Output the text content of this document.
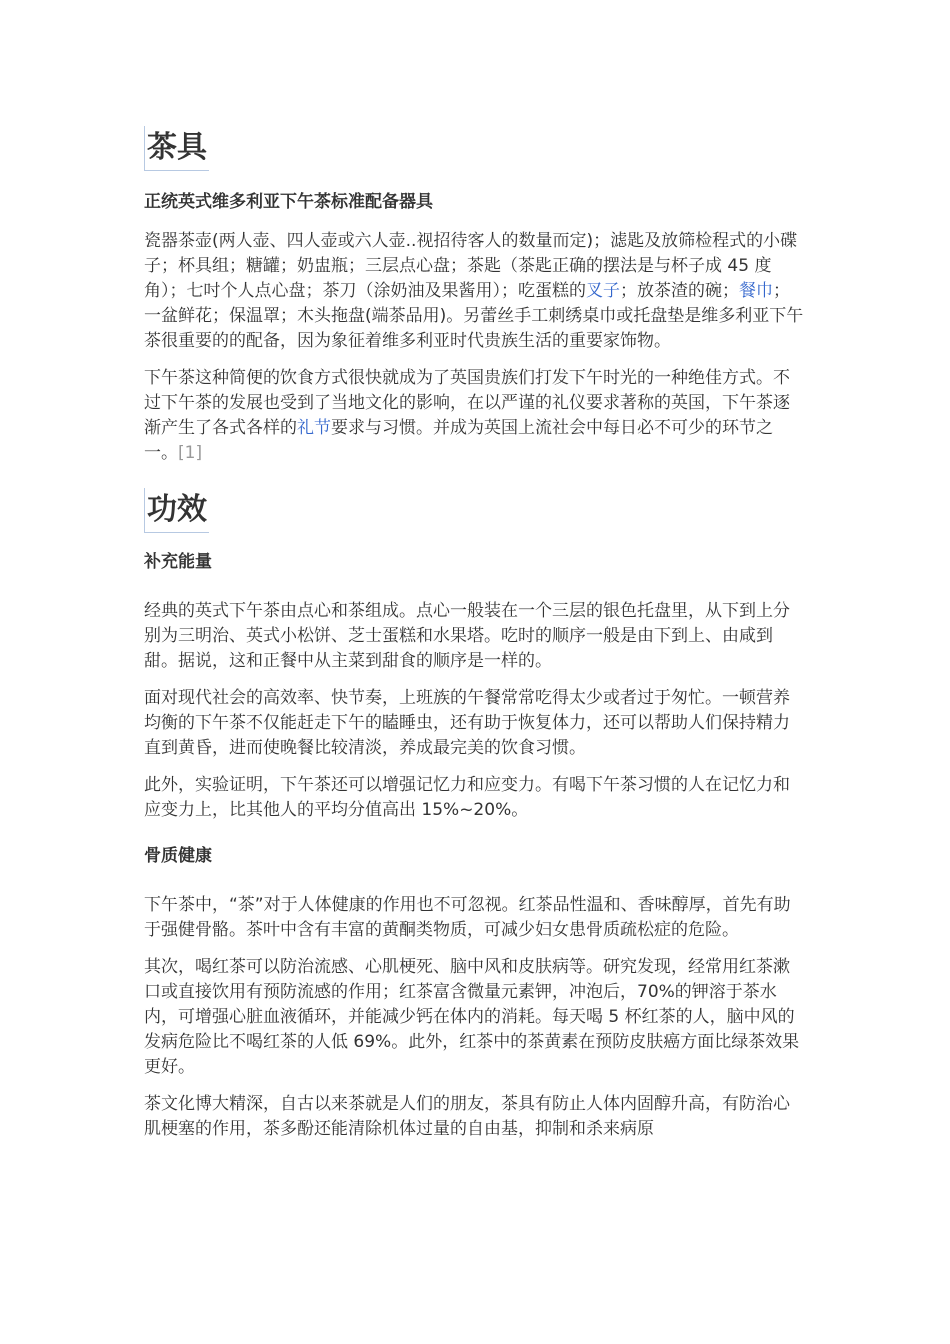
茶具
正统英式维多利亚下午茶标准配备器具

瓷器茶壶(两人壶、四人壶或六人壶..视招待客人的数量而定)；滤匙及放筛检程式的小碟子；杯具组；糖罐；奶盅瓶；三层点心盘；茶匙（茶匙正确的摆法是与杯子成 45 度角）；七吋个人点心盘；茶刀（涂奶油及果酱用）；吃蛋糕的叉子；放茶渣的碗；餐巾；一盆鲜花；保温罩；木头拖盘(端茶品用)。另蕾丝手工刺绣桌巾或托盘垫是维多利亚下午茶很重要的的配备，因为象征着维多利亚时代贵族生活的重要家饰物。

下午茶这种简便的饮食方式很快就成为了英国贵族们打发下午时光的一种绝佳方式。不过下午茶的发展也受到了当地文化的影响，在以严谨的礼仪要求著称的英国，下午茶逐渐产生了各式各样的礼节要求与习惯。并成为英国上流社会中每日必不可少的环节之一。[1]

功效
补充能量

经典的英式下午茶由点心和茶组成。点心一般装在一个三层的银色托盘里，从下到上分别为三明治、英式小松饼、芝士蛋糕和水果塔。吃时的顺序一般是由下到上、由咸到甜。据说，这和正餐中从主菜到甜食的顺序是一样的。

面对现代社会的高效率、快节奏，上班族的午餐常常吃得太少或者过于匆忙。一顿营养均衡的下午茶不仅能赶走下午的瞌睡虫，还有助于恢复体力，还可以帮助人们保持精力直到黄昏，进而使晚餐比较清淡，养成最完美的饮食习惯。

此外，实验证明，下午茶还可以增强记忆力和应变力。有喝下午茶习惯的人在记忆力和应变力上，比其他人的平均分值高出 15%~20%。

骨质健康

下午茶中，“茶”对于人体健康的作用也不可忽视。红茶品性温和、香味醇厚，首先有助于强健骨骼。茶叶中含有丰富的黄酮类物质，可减少妇女患骨质疏松症的危险。

其次，喝红茶可以防治流感、心肌梗死、脑中风和皮肤病等。研究发现，经常用红茶漱口或直接饮用有预防流感的作用；红茶富含微量元素钾，冲泡后，70%的钾溶于茶水内，可增强心脏血液循环，并能减少钙在体内的消耗。每天喝 5 杯红茶的人，脑中风的发病危险比不喝红茶的人低 69%。此外，红茶中的茶黄素在预防皮肤癌方面比绿茶效果更好。

茶文化博大精深，自古以来茶就是人们的朋友，茶具有防止人体内固醇升高，有防治心肌梗塞的作用，茶多酚还能清除机体过量的自由基，抑制和杀来病原
